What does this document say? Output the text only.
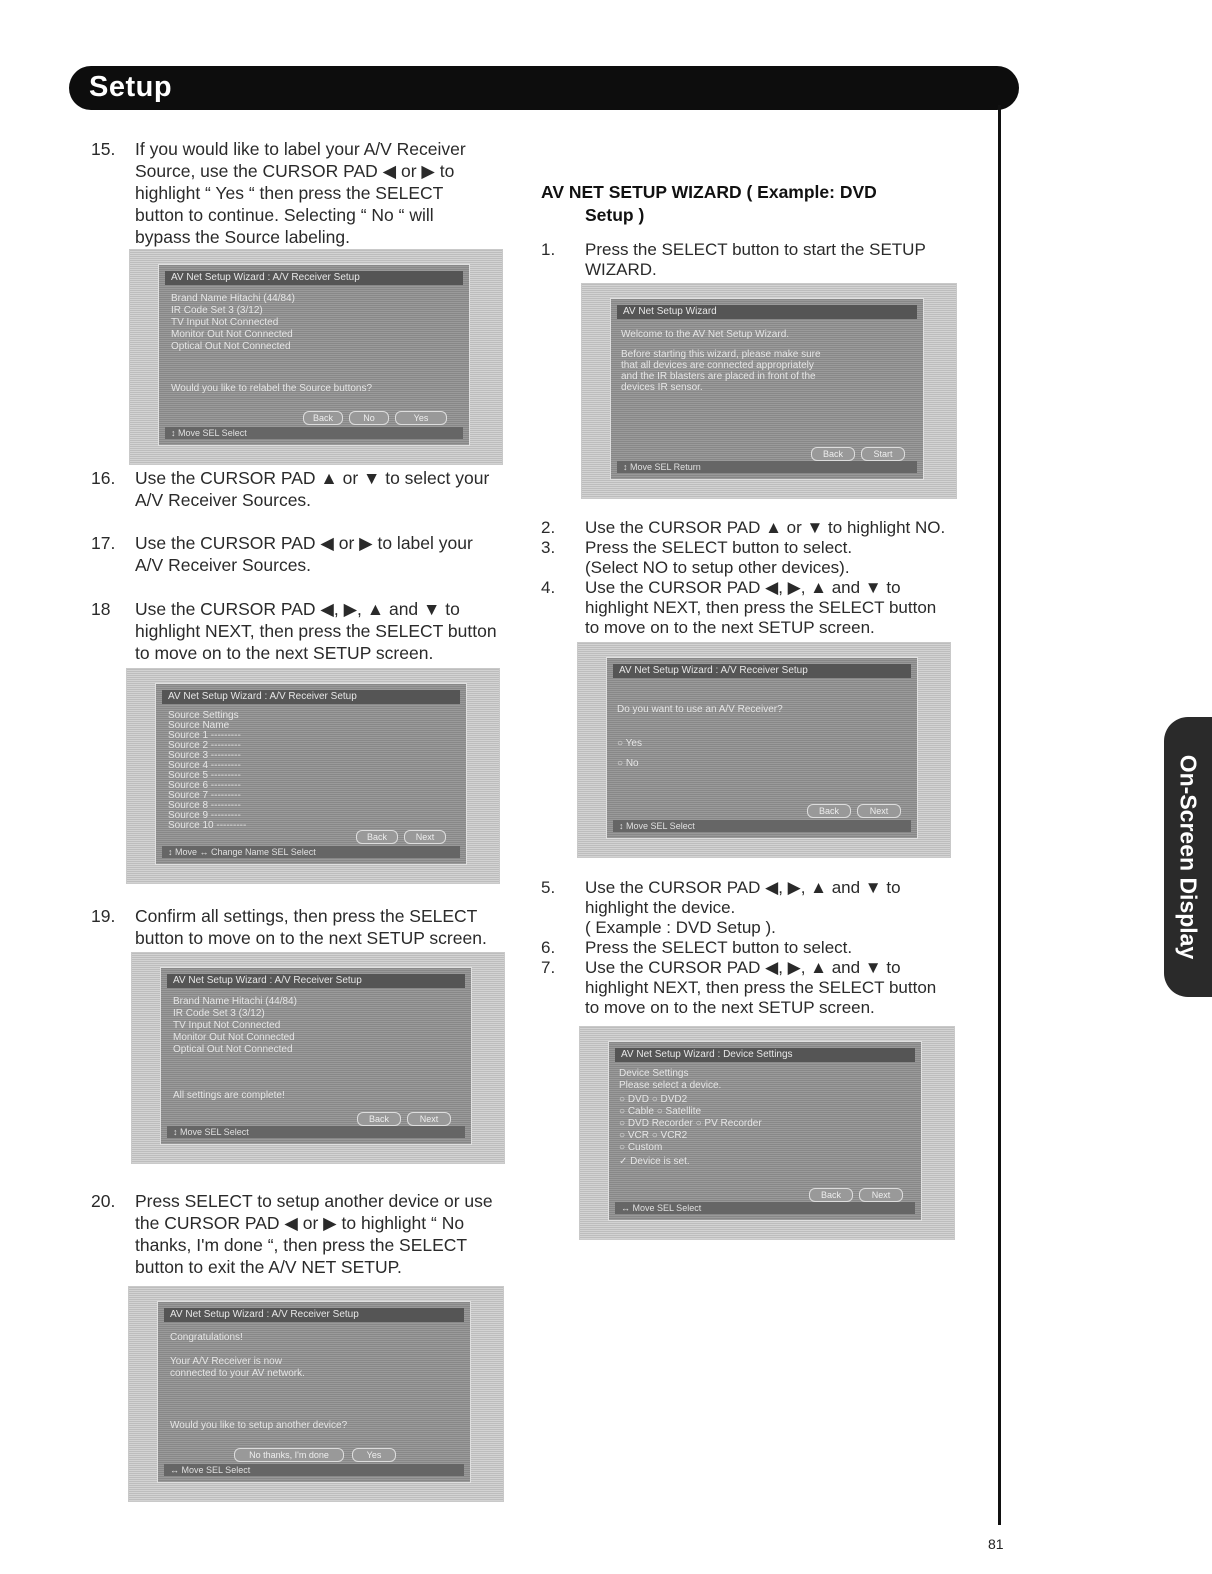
Setup
On-Screen Display
81
15. If you would like to label your A/V Receiver
Source, use the CURSOR PAD ◀ or ▶ to
highlight “ Yes “ then press the SELECT
button to continue. Selecting “ No “ will
bypass the Source labeling.
AV Net Setup Wizard : A/V Receiver Setup
Brand Name Hitachi (44/84)
IR Code Set 3 (3/12)
TV Input Not Connected
Monitor Out Not Connected
Optical Out Not Connected
Would you like to relabel the Source buttons?
Back	No	Yes
↕ Move SEL Select
16. Use the CURSOR PAD ▲ or ▼ to select your
A/V Receiver Sources.
17. Use the CURSOR PAD ◀ or ▶ to label your
A/V Receiver Sources.
18 Use the CURSOR PAD ◀, ▶, ▲ and ▼ to
highlight NEXT, then press the SELECT button
to move on to the next SETUP screen.
AV Net Setup Wizard : A/V Receiver Setup
Source Settings
Source Name
Source 1 ---------
Source 2 ---------
Source 3 ---------
Source 4 ---------
Source 5 ---------
Source 6 ---------
Source 7 ---------
Source 8 ---------
Source 9 ---------
Source 10 ---------
Back	Next
↕ Move ↔ Change Name SEL Select
19. Confirm all settings, then press the SELECT
button to move on to the next SETUP screen.
AV Net Setup Wizard : A/V Receiver Setup
Brand Name Hitachi (44/84)
IR Code Set 3 (3/12)
TV Input Not Connected
Monitor Out Not Connected
Optical Out Not Connected
All settings are complete!
Back	Next
↕ Move SEL Select
20. Press SELECT to setup another device or use
the CURSOR PAD ◀ or ▶ to highlight “ No
thanks, I'm done “, then press the SELECT
button to exit the A/V NET SETUP.
AV Net Setup Wizard : A/V Receiver Setup
Congratulations!
Your A/V Receiver is now
connected to your AV network.
Would you like to setup another device?
No thanks, I'm done	Yes
↔ Move SEL Select
AV NET SETUP WIZARD ( Example: DVD
Setup )
1. Press the SELECT button to start the SETUP
WIZARD.
AV Net Setup Wizard
Welcome to the AV Net Setup Wizard.
Before starting this wizard, please make sure
that all devices are connected appropriately
and the IR blasters are placed in front of the
devices IR sensor.
Back	Start
↕ Move SEL Return
2. Use the CURSOR PAD ▲ or ▼ to highlight NO.
3. Press the SELECT button to select.
(Select NO to setup other devices).
4. Use the CURSOR PAD ◀, ▶, ▲ and ▼ to
highlight NEXT, then press the SELECT button
to move on to the next SETUP screen.
AV Net Setup Wizard : A/V Receiver Setup
Do you want to use an A/V Receiver?
○ Yes
○ No
Back	Next
↕ Move SEL Select
5. Use the CURSOR PAD ◀, ▶, ▲ and ▼ to
highlight the device.
( Example : DVD Setup ).
6. Press the SELECT button to select.
7. Use the CURSOR PAD ◀, ▶, ▲ and ▼ to
highlight NEXT, then press the SELECT button
to move on to the next SETUP screen.
AV Net Setup Wizard : Device Settings
Device Settings
Please select a device.
○ DVD ○ DVD2
○ Cable ○ Satellite
○ DVD Recorder ○ PV Recorder
○ VCR ○ VCR2
○ Custom
✓ Device is set.
Back	Next
↔ Move SEL Select
